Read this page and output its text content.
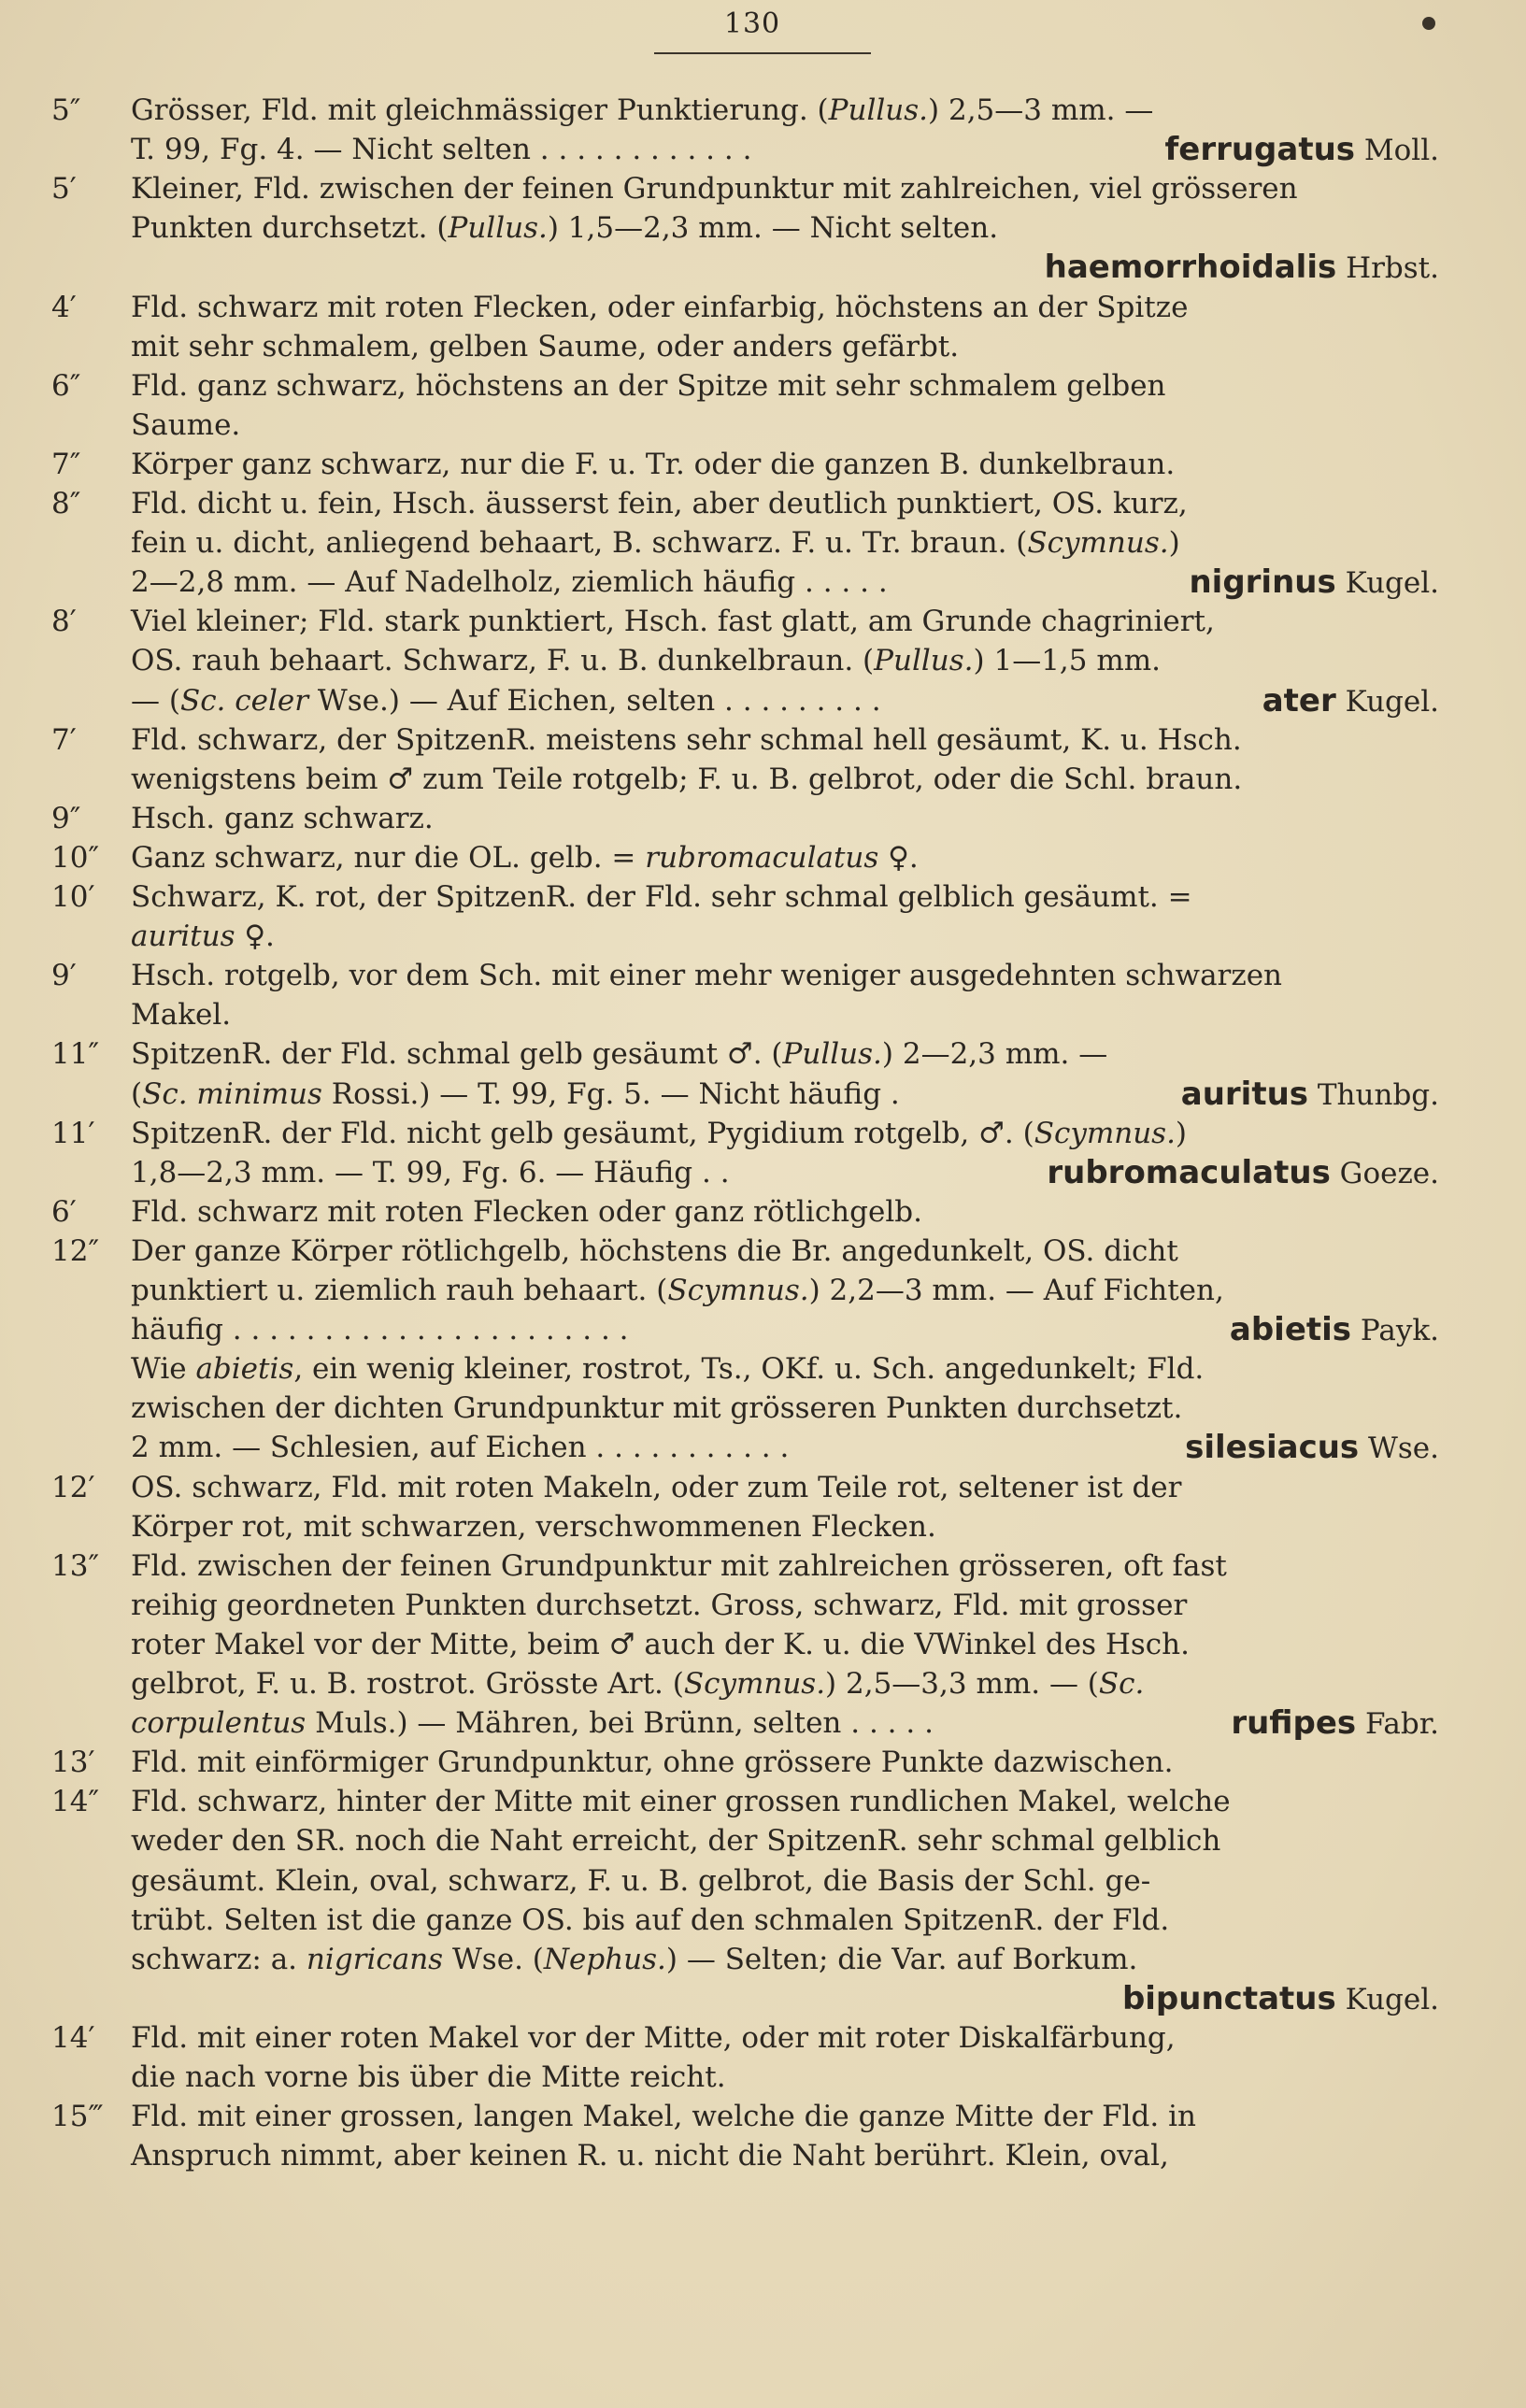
130
5″	Grösser, Fld. mit gleichmässiger Punktierung. (Pullus.) 2,5—3 mm. —
T. 99, Fg. 4. — Nicht selten . . . . . . . . . . . .	ferrugatus Moll.
5′	Kleiner, Fld. zwischen der feinen Grundpunktur mit zahlreichen, viel grösseren
Punkten durchsetzt. (Pullus.) 1,5—2,3 mm. — Nicht selten.
haemorrhoidalis Hrbst.
4′	Fld. schwarz mit roten Flecken, oder einfarbig, höchstens an der Spitze
mit sehr schmalem, gelben Saume, oder anders gefärbt.
6″	Fld. ganz schwarz, höchstens an der Spitze mit sehr schmalem gelben
Saume.
7″	Körper ganz schwarz, nur die F. u. Tr. oder die ganzen B. dunkelbraun.
8″	Fld. dicht u. fein, Hsch. äusserst fein, aber deutlich punktiert, OS. kurz,
fein u. dicht, anliegend behaart, B. schwarz. F. u. Tr. braun. (Scymnus.)
2—2,8 mm. — Auf Nadelholz, ziemlich häufig . . . . .	nigrinus Kugel.
8′	Viel kleiner; Fld. stark punktiert, Hsch. fast glatt, am Grunde chagriniert,
OS. rauh behaart. Schwarz, F. u. B. dunkelbraun. (Pullus.) 1—1,5 mm.
— (Sc. celer Wse.) — Auf Eichen, selten . . . . . . . . .	ater Kugel.
7′	Fld. schwarz, der SpitzenR. meistens sehr schmal hell gesäumt, K. u. Hsch.
wenigstens beim ♂ zum Teile rotgelb; F. u. B. gelbrot, oder die Schl. braun.
9″	Hsch. ganz schwarz.
10″	Ganz schwarz, nur die OL. gelb. = rubromaculatus ♀.
10′	Schwarz, K. rot, der SpitzenR. der Fld. sehr schmal gelblich gesäumt. =
auritus ♀.
9′	Hsch. rotgelb, vor dem Sch. mit einer mehr weniger ausgedehnten schwarzen
Makel.
11″	SpitzenR. der Fld. schmal gelb gesäumt ♂. (Pullus.) 2—2,3 mm. —
(Sc. minimus Rossi.) — T. 99, Fg. 5. — Nicht häufig .	auritus Thunbg.
11′	SpitzenR. der Fld. nicht gelb gesäumt, Pygidium rotgelb, ♂. (Scymnus.)
1,8—2,3 mm. — T. 99, Fg. 6. — Häufig . .	rubromaculatus Goeze.
6′	Fld. schwarz mit roten Flecken oder ganz rötlichgelb.
12″	Der ganze Körper rötlichgelb, höchstens die Br. angedunkelt, OS. dicht
punktiert u. ziemlich rauh behaart. (Scymnus.) 2,2—3 mm. — Auf Fichten,
häufig . . . . . . . . . . . . . . . . . . . . . .	abietis Payk.
Wie abietis, ein wenig kleiner, rostrot, Ts., OKf. u. Sch. angedunkelt; Fld.
zwischen der dichten Grundpunktur mit grösseren Punkten durchsetzt.
2 mm. — Schlesien, auf Eichen . . . . . . . . . . .	silesiacus Wse.
12′	OS. schwarz, Fld. mit roten Makeln, oder zum Teile rot, seltener ist der
Körper rot, mit schwarzen, verschwommenen Flecken.
13″	Fld. zwischen der feinen Grundpunktur mit zahlreichen grösseren, oft fast
reihig geordneten Punkten durchsetzt. Gross, schwarz, Fld. mit grosser
roter Makel vor der Mitte, beim ♂ auch der K. u. die VWinkel des Hsch.
gelbrot, F. u. B. rostrot. Grösste Art. (Scymnus.) 2,5—3,3 mm. — (Sc.
corpulentus Muls.) — Mähren, bei Brünn, selten . . . . .	rufipes Fabr.
13′	Fld. mit einförmiger Grundpunktur, ohne grössere Punkte dazwischen.
14″	Fld. schwarz, hinter der Mitte mit einer grossen rundlichen Makel, welche
weder den SR. noch die Naht erreicht, der SpitzenR. sehr schmal gelblich
gesäumt. Klein, oval, schwarz, F. u. B. gelbrot, die Basis der Schl. ge-
trübt. Selten ist die ganze OS. bis auf den schmalen SpitzenR. der Fld.
schwarz: a. nigricans Wse. (Nephus.) — Selten; die Var. auf Borkum.
bipunctatus Kugel.
14′	Fld. mit einer roten Makel vor der Mitte, oder mit roter Diskalfärbung,
die nach vorne bis über die Mitte reicht.
15‴ Fld. mit einer grossen, langen Makel, welche die ganze Mitte der Fld. in
Anspruch nimmt, aber keinen R. u. nicht die Naht berührt. Klein, oval,
